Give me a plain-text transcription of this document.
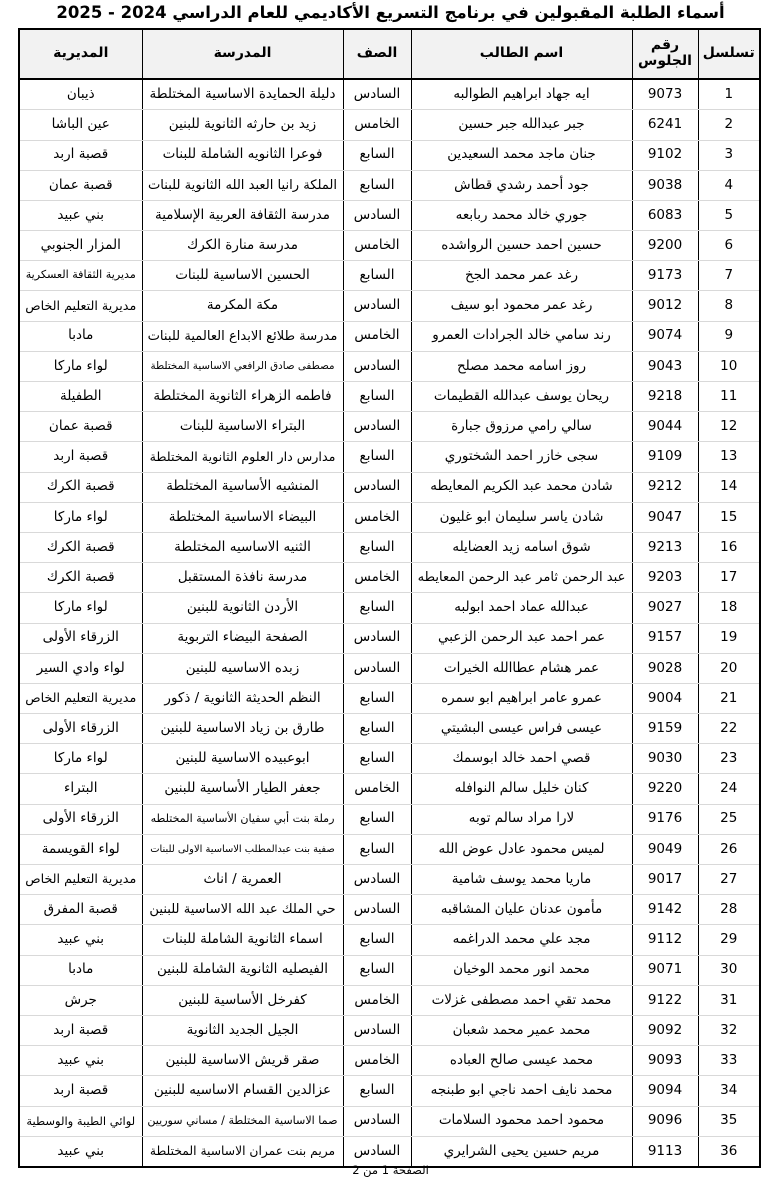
أسماء الطلبة المقبولين في برنامج التسريع الأكاديمي للعام الدراسي 2024 - 2025
تسلسل	رقم الجلوس	اسم الطالب	الصف	المدرسة	المديرية
1	9073	ايه جهاد ابراهيم الطوالبه	السادس	دليلة الحمايدة الاساسية المختلطة	ذيبان
2	6241	جبر عبدالله جبر حسين	الخامس	زيد بن حارثه الثانوية للبنين	عين الباشا
3	9102	جنان ماجد محمد السعيدين	السابع	فوعرا الثانويه الشاملة للبنات	قصبة اربد
4	9038	جود أحمد رشدي قطاش	السابع	الملكة رانيا العبد الله الثانوية للبنات	قصبة عمان
5	6083	جوري خالد محمد ربابعه	السادس	مدرسة الثقافة العربية الإسلامية	بني عبيد
6	9200	حسين احمد حسين الرواشده	الخامس	مدرسة منارة الكرك	المزار الجنوبي
7	9173	رغد عمر محمد الجخ	السابع	الحسين الاساسية للبنات	مديرية الثقافة العسكرية
8	9012	رغد عمر محمود ابو سيف	السادس	مكة المكرمة	مديرية التعليم الخاص
9	9074	رند سامي خالد الجرادات العمرو	الخامس	مدرسة طلائع الابداع العالمية للبنات	مادبا
10	9043	روز اسامه محمد مصلح	السادس	مصطفى صادق الرافعي الاساسية المختلطة	لواء ماركا
11	9218	ريحان يوسف عبدالله القطيمات	السابع	فاطمه الزهراء الثانوية المختلطة	الطفيلة
12	9044	سالي رامي مرزوق جبارة	السادس	البتراء الاساسية للبنات	قصبة عمان
13	9109	سجى خازر احمد الشختوري	السابع	مدارس دار العلوم الثانوية المختلطة	قصبة اربد
14	9212	شادن محمد عبد الكريم المعايطه	السادس	المنشيه الأساسية المختلطة	قصبة الكرك
15	9047	شادن ياسر سليمان ابو غليون	الخامس	البيضاء الاساسية المختلطة	لواء ماركا
16	9213	شوق اسامه زيد العضايله	السابع	الثنيه الاساسيه المختلطة	قصبة الكرك
17	9203	عبد الرحمن ثامر عبد الرحمن المعايطه	الخامس	مدرسة نافذة المستقبل	قصبة الكرك
18	9027	عبدالله عماد احمد ابولبه	السابع	الأردن الثانوية للبنين	لواء ماركا
19	9157	عمر احمد عبد الرحمن الزعبي	السادس	الصفحة البيضاء التربوية	الزرقاء الأولى
20	9028	عمر هشام عطاالله الخيرات	السادس	زبده الاساسيه للبنين	لواء وادي السير
21	9004	عمرو عامر ابراهيم ابو سمره	السابع	النظم الحديثة الثانوية / ذكور	مديرية التعليم الخاص
22	9159	عيسى فراس عيسى البشيتي	السابع	طارق بن زياد الاساسية للبنين	الزرقاء الأولى
23	9030	قصي احمد خالد ابوسمك	السابع	ابوعبيده الاساسية للبنين	لواء ماركا
24	9220	كنان خليل سالم النوافله	الخامس	جعفر الطيار الأساسية للبنين	البتراء
25	9176	لارا مراد سالم توبه	السابع	رملة بنت أبي سفيان الأساسية المختلطه	الزرقاء الأولى
26	9049	لميس محمود عادل عوض الله	السابع	صفية بنت عبدالمطلب الاساسية الاولى للبنات	لواء القويسمة
27	9017	ماريا محمد يوسف شامية	السادس	العمرية / اناث	مديرية التعليم الخاص
28	9142	مأمون عدنان عليان المشاقبه	السادس	حي الملك عبد الله الاساسية للبنين	قصبة المفرق
29	9112	مجد علي محمد الدراغمه	السابع	اسماء الثانوية الشاملة للبنات	بني عبيد
30	9071	محمد انور محمد الوخيان	السابع	الفيصليه الثانوية الشاملة للبنين	مادبا
31	9122	محمد تقي احمد مصطفى غزلات	الخامس	كفرخل الأساسية للبنين	جرش
32	9092	محمد عمير محمد شعبان	السادس	الجيل الجديد الثانوية	قصبة اربد
33	9093	محمد عيسى صالح العباده	الخامس	صقر قريش الاساسية للبنين	بني عبيد
34	9094	محمد نايف احمد ناجي ابو طبنجه	السابع	عزالدين القسام الاساسيه للبنين	قصبة اربد
35	9096	محمود احمد محمود السلامات	السادس	صما الاساسية المختلطة / مساني سوريين	لوائي الطيبة والوسطية
36	9113	مريم حسين يحيى الشرايري	السادس	مريم بنت عمران الاساسية المختلطة	بني عبيد
الصفحة 1 من 2
